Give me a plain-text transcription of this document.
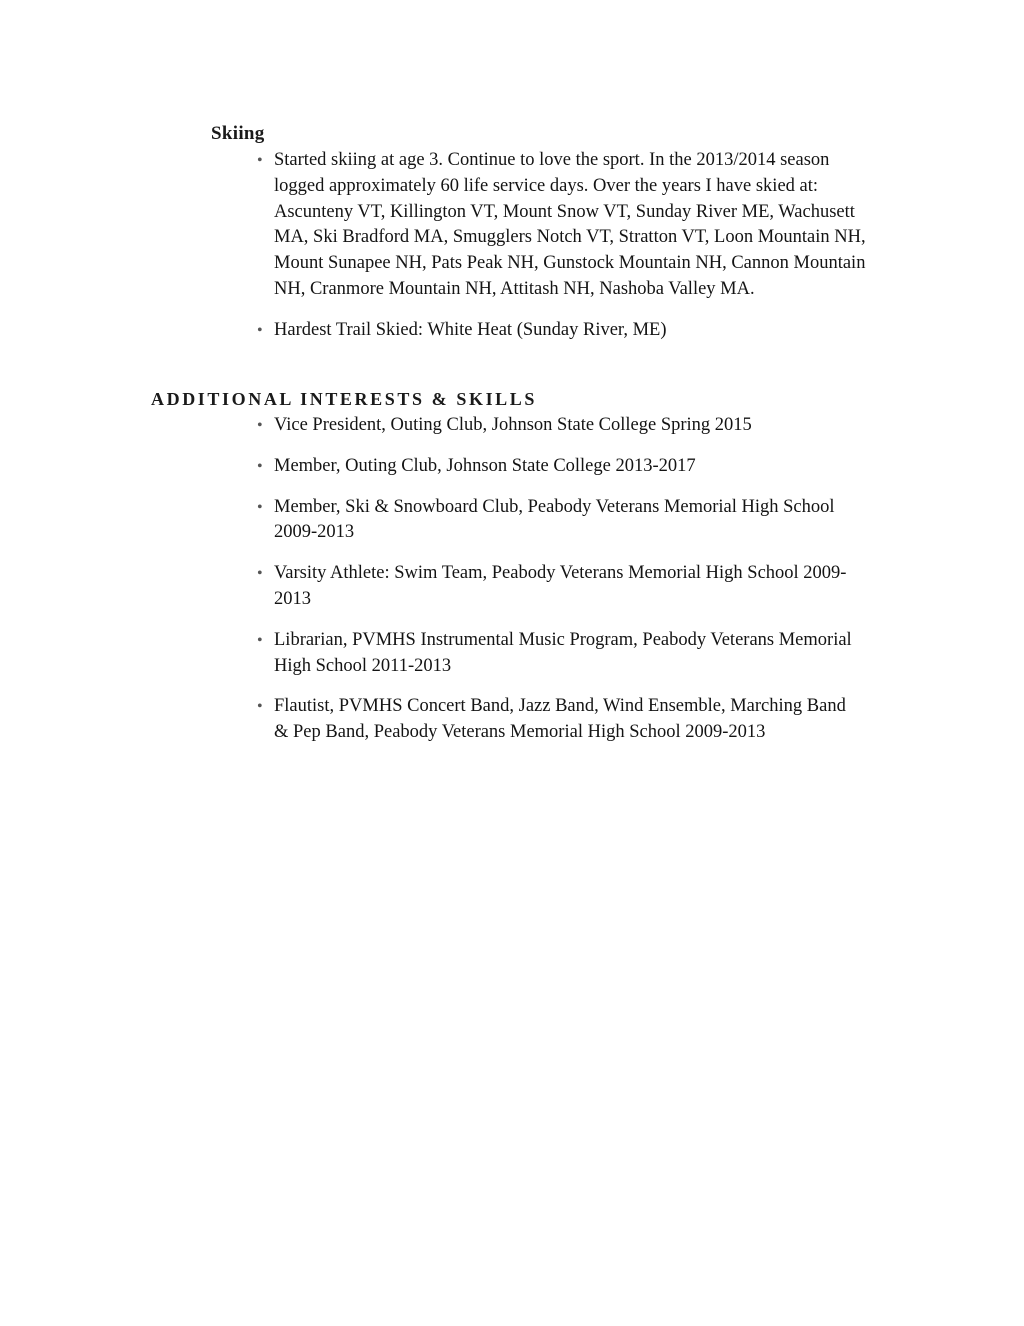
Skiing
• Started skiing at age 3. Continue to love the sport. In the 2013/2014 season logged approximately 60 life service days. Over the years I have skied at: Ascunteny VT, Killington VT, Mount Snow VT, Sunday River ME, Wachusett MA, Ski Bradford MA, Smugglers Notch VT, Stratton VT, Loon Mountain NH, Mount Sunapee NH, Pats Peak NH, Gunstock Mountain NH, Cannon Mountain NH, Cranmore Mountain NH, Attitash NH, Nashoba Valley MA.
• Hardest Trail Skied: White Heat (Sunday River, ME)
ADDITIONAL INTERESTS & SKILLS
• Vice President, Outing Club, Johnson State College Spring 2015
• Member, Outing Club, Johnson State College 2013-2017
• Member, Ski & Snowboard Club, Peabody Veterans Memorial High School 2009-2013
• Varsity Athlete: Swim Team, Peabody Veterans Memorial High School 2009-2013
• Librarian, PVMHS Instrumental Music Program, Peabody Veterans Memorial High School 2011-2013
• Flautist, PVMHS Concert Band, Jazz Band, Wind Ensemble, Marching Band & Pep Band, Peabody Veterans Memorial High School 2009-2013
